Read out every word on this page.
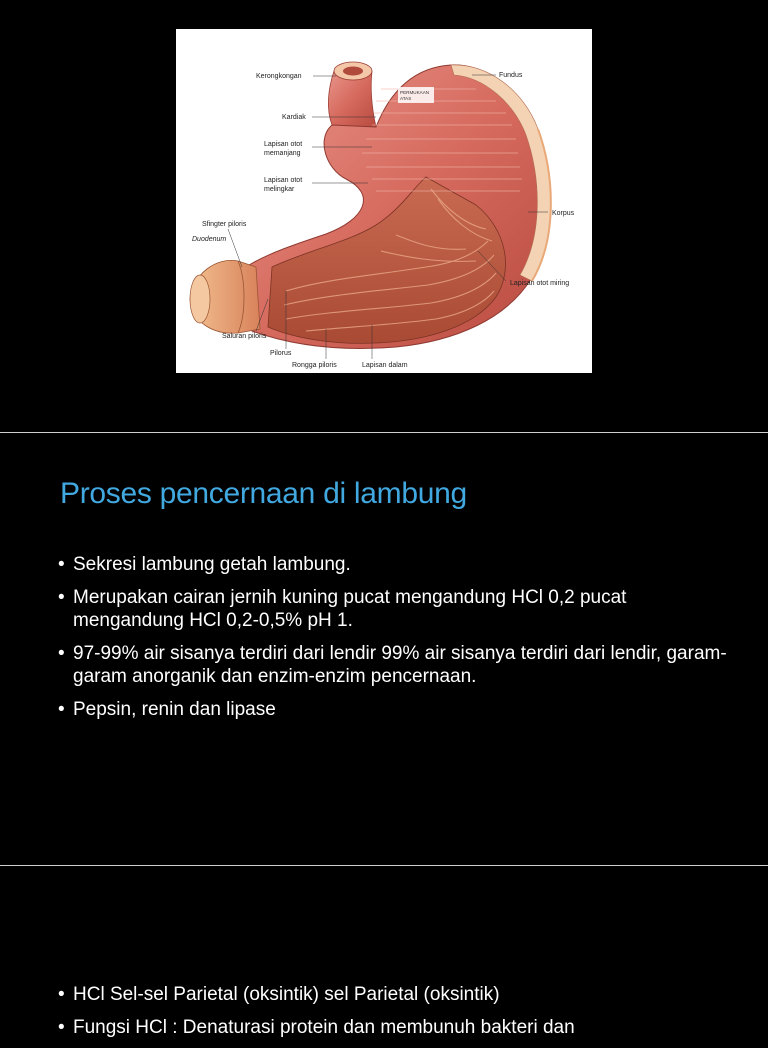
Kerongkongan	Fundus
PERMUKAAN
ATAS
Kardiak
Lapisan otot
memanjang
Lapisan otot
melingkar
Korpus
Sfingter piloris
Duodenum
Lapisan otot miring
Saluran piloris
Pilorus
Rongga piloris	Lapisan dalam
Proses pencernaan di lambung
• Sekresi lambung getah lambung.
• Merupakan cairan jernih kuning pucat mengandung HCl 0,2 pucat mengandung HCl 0,2-0,5% pH 1.
• 97-99% air sisanya terdiri dari lendir 99% air sisanya terdiri dari lendir, garam-garam anorganik dan enzim-enzim pencernaan.
• Pepsin, renin dan lipase
• HCl Sel-sel Parietal (oksintik) sel Parietal (oksintik)
• Fungsi HCl : Denaturasi protein dan membunuh bakteri dan
